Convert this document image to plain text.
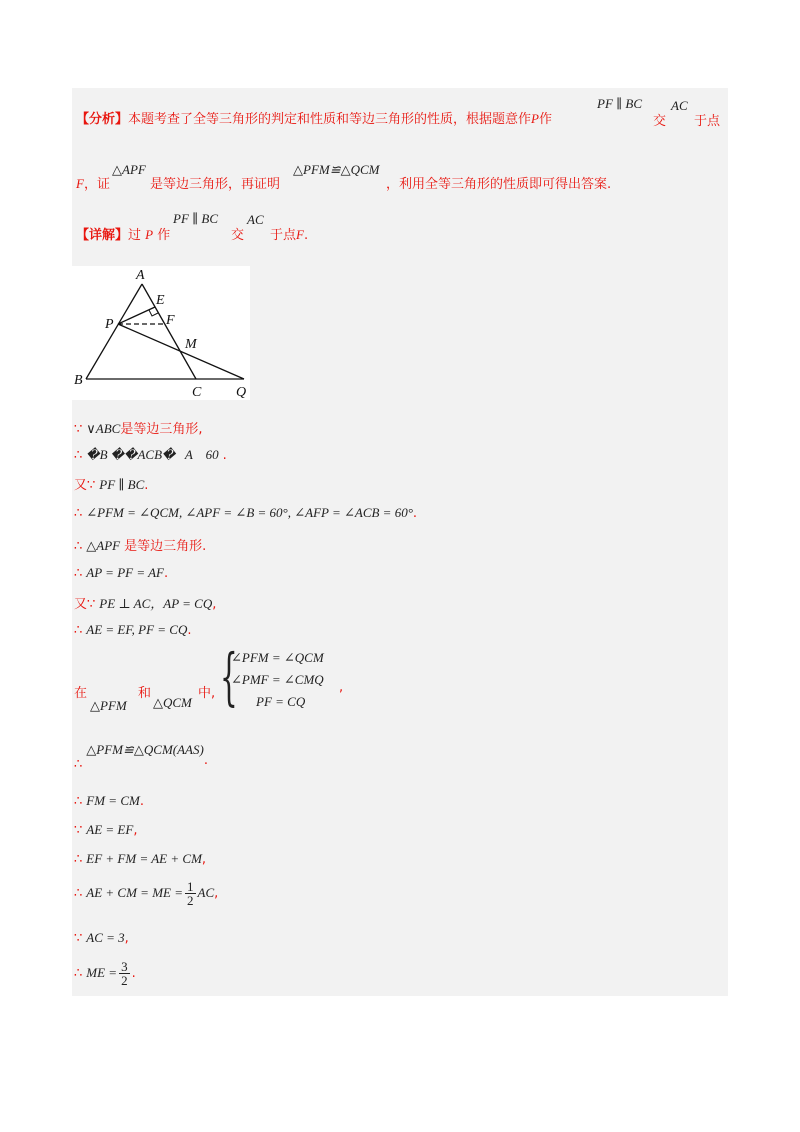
【分析】本题考查了全等三角形的判定和性质和等边三角形的性质，根据题意作P作
PF ∥ BC
交
AC
于点
F，证
△APF
是等边三角形，再证明
△PFM≌△QCM
，利用全等三角形的性质即可得出答案.
【详解】过 P 作
PF ∥ BC
交
AC
于点F.
A
E
P	F
M
B
C Q
∵ ∨ABC是等边三角形,
∴ �B ��ACB�   A    60 .
又∵ PF ∥ BC.
∴ ∠PFM = ∠QCM, ∠APF = ∠B = 60°, ∠AFP = ∠ACB = 60°.
∴ △APF 是等边三角形.
∴ AP = PF = AF.
又∵ PE ⊥ AC，AP = CQ,
∴ AE = EF, PF = CQ.
在
△PFM
和
△QCM
中, {
∠PFM = ∠QCM
∠PMF = ∠CMQ
PF = CQ
,
$_\therefore$ $\triangle PFM≌\triangle QCM(AAS)_.$
∴ FM = CM.
∵ AE = EF,
∴ EF + FM = AE + CM,
∴ AE + CM = ME = $\frac{1}{2}$ AC,
∵ AC = 3,
∴ ME = $\frac{3}{2}$ .
